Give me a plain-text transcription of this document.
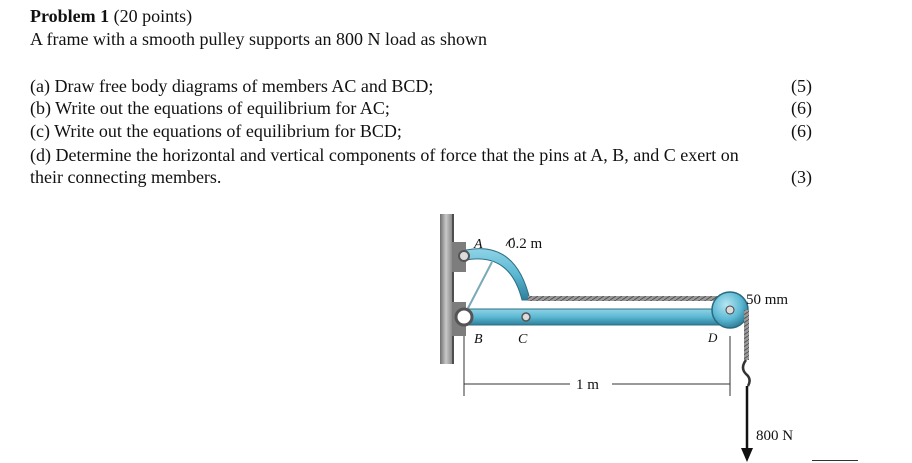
Problem 1 (20 points)
A frame with a smooth pulley supports an 800 N load as shown
(a) Draw free body diagrams of members AC and BCD;	(5)
(b) Write out the equations of equilibrium for AC;	(6)
(c) Write out the equations of equilibrium for BCD;	(6)
(d) Determine the horizontal and vertical components of force that the pins at A, B, and C exert on
their connecting members.	(3)
A 0.2 m
B	C	D
50 mm
1 m
800 N
